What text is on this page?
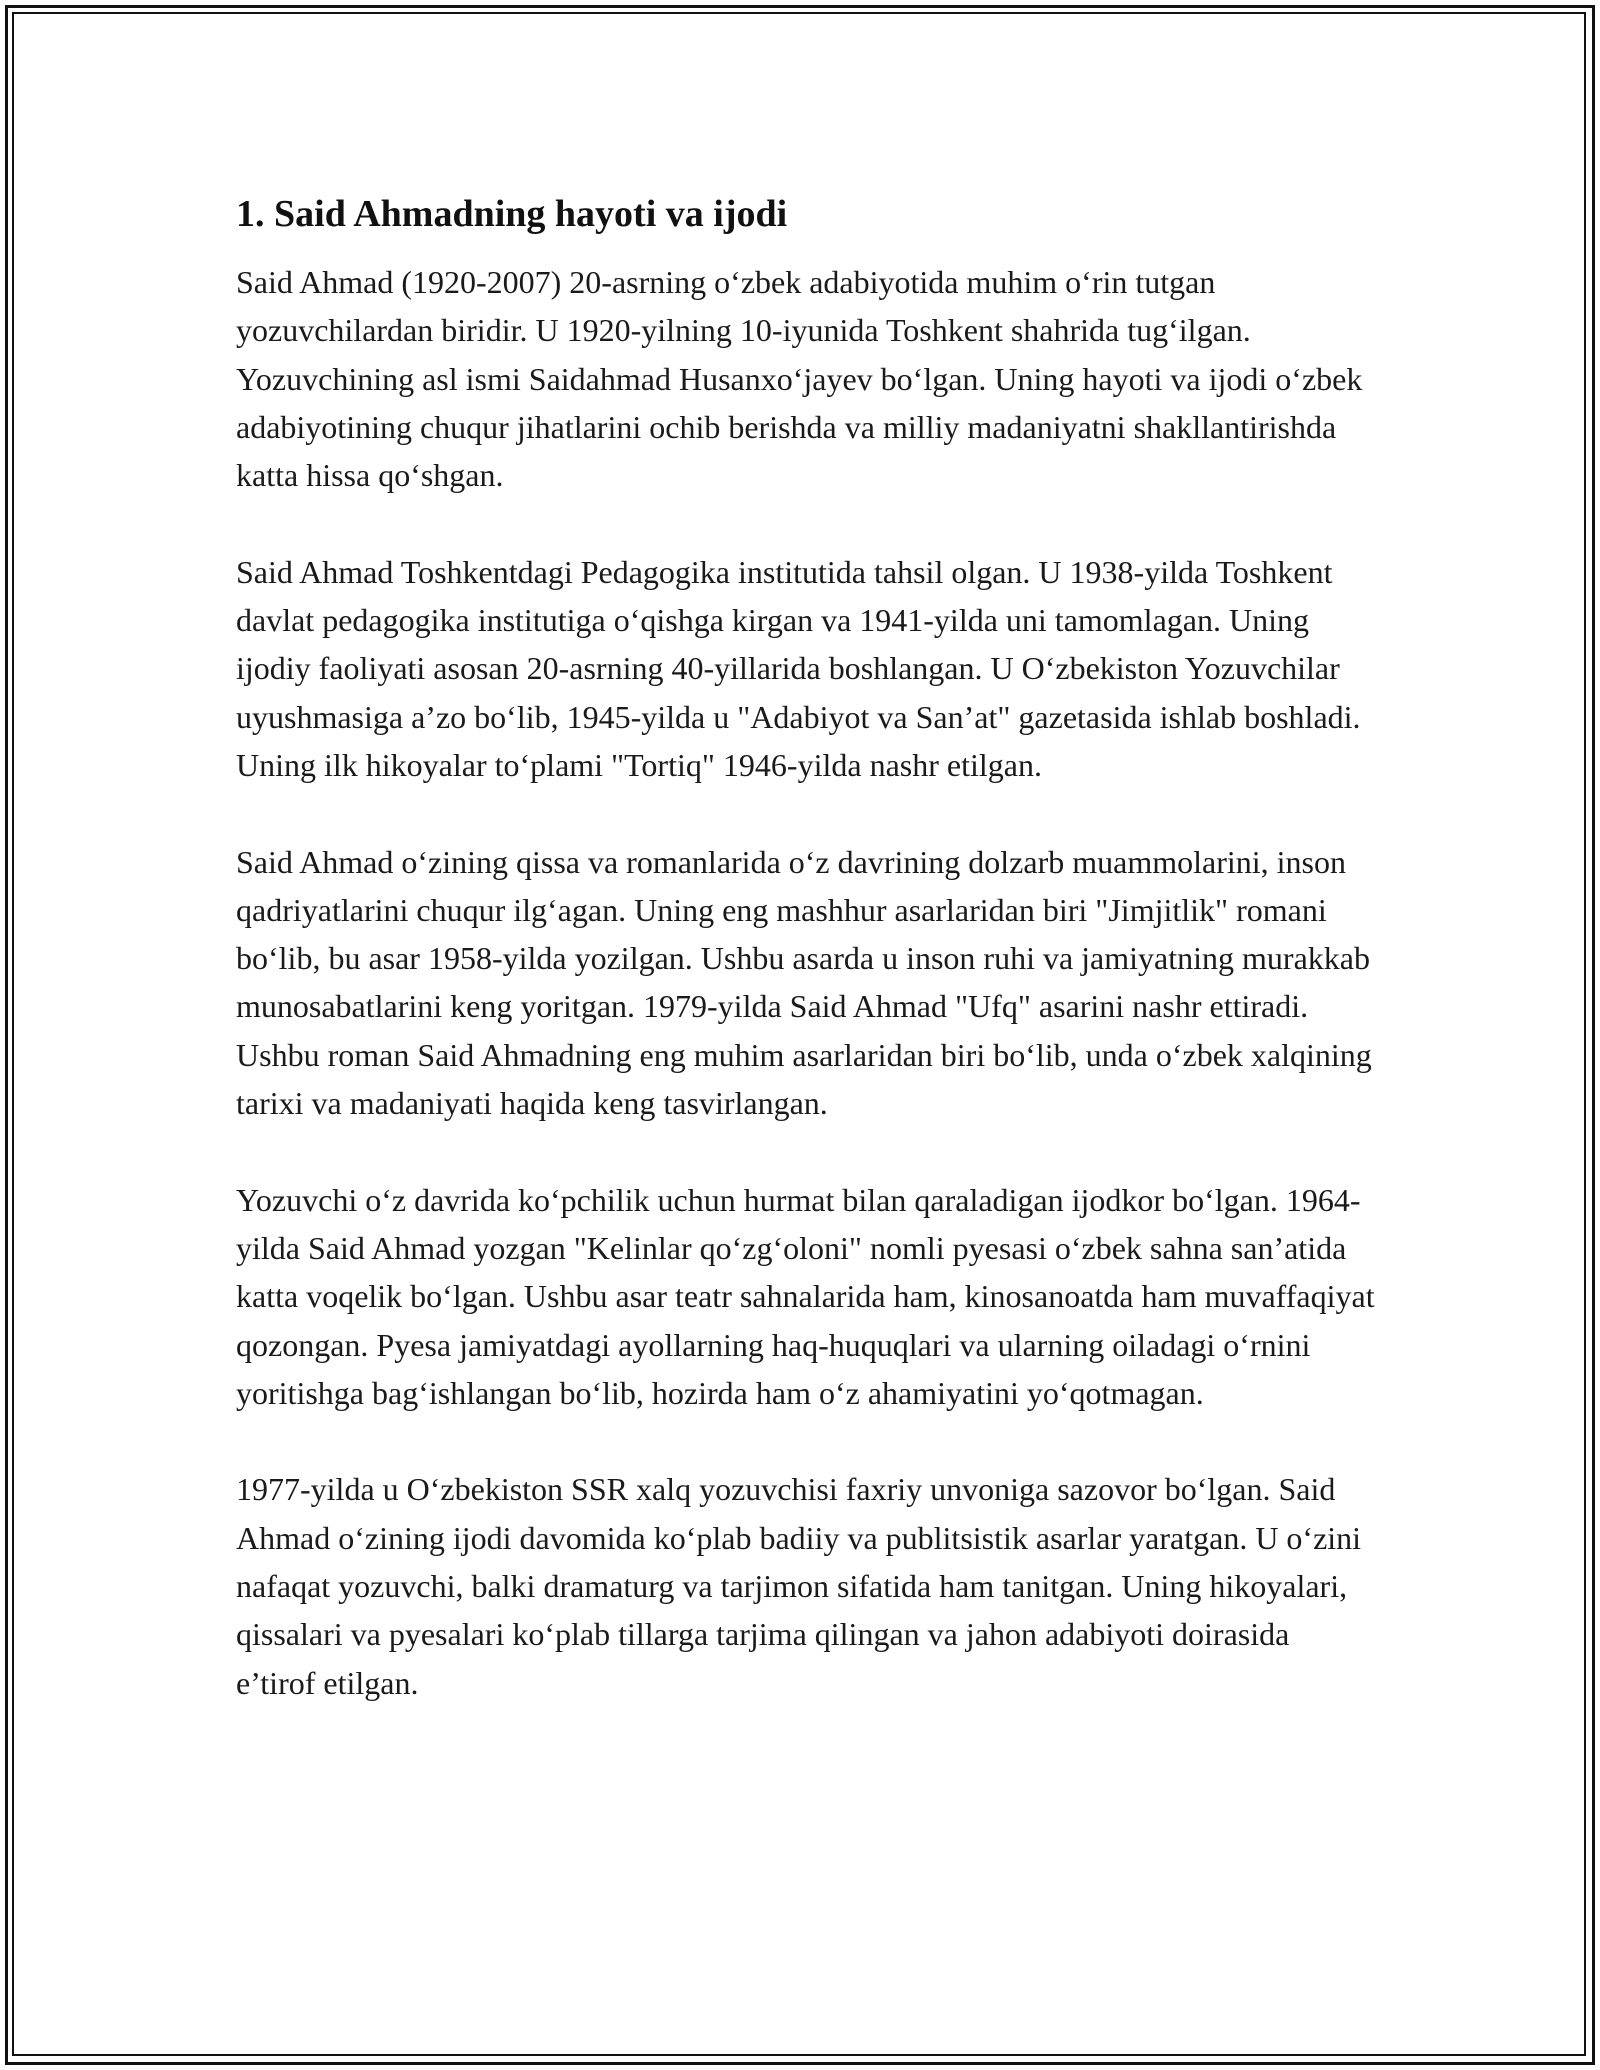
1. Said Ahmadning hayoti va ijodi

Said Ahmad (1920-2007) 20-asrning o‘zbek adabiyotida muhim o‘rin tutgan yozuvchilardan biridir. U 1920-yilning 10-iyunida Toshkent shahrida tug‘ilgan. Yozuvchining asl ismi Saidahmad Husanxo‘jayev bo‘lgan. Uning hayoti va ijodi o‘zbek adabiyotining chuqur jihatlarini ochib berishda va milliy madaniyatni shakllantirishda katta hissa qo‘shgan.

Said Ahmad Toshkentdagi Pedagogika institutida tahsil olgan. U 1938-yilda Toshkent davlat pedagogika institutiga o‘qishga kirgan va 1941-yilda uni tamomlagan. Uning ijodiy faoliyati asosan 20-asrning 40-yillarida boshlangan. U O‘zbekiston Yozuvchilar uyushmasiga a’zo bo‘lib, 1945-yilda u "Adabiyot va San’at" gazetasida ishlab boshladi. Uning ilk hikoyalar to‘plami "Tortiq" 1946-yilda nashr etilgan.

Said Ahmad o‘zining qissa va romanlarida o‘z davrining dolzarb muammolarini, inson qadriyatlarini chuqur ilg‘agan. Uning eng mashhur asarlaridan biri "Jimjitlik" romani bo‘lib, bu asar 1958-yilda yozilgan. Ushbu asarda u inson ruhi va jamiyatning murakkab munosabatlarini keng yoritgan. 1979-yilda Said Ahmad "Ufq" asarini nashr ettiradi. Ushbu roman Said Ahmadning eng muhim asarlaridan biri bo‘lib, unda o‘zbek xalqining tarixi va madaniyati haqida keng tasvirlangan.

Yozuvchi o‘z davrida ko‘pchilik uchun hurmat bilan qaraladigan ijodkor bo‘lgan. 1964-yilda Said Ahmad yozgan "Kelinlar qo‘zg‘oloni" nomli pyesasi o‘zbek sahna san’atida katta voqelik bo‘lgan. Ushbu asar teatr sahnalarida ham, kinosanoatda ham muvaffaqiyat qozongan. Pyesa jamiyatdagi ayollarning haq-huquqlari va ularning oiladagi o‘rnini yoritishga bag‘ishlangan bo‘lib, hozirda ham o‘z ahamiyatini yo‘qotmagan.

1977-yilda u O‘zbekiston SSR xalq yozuvchisi faxriy unvoniga sazovor bo‘lgan. Said Ahmad o‘zining ijodi davomida ko‘plab badiiy va publitsistik asarlar yaratgan. U o‘zini nafaqat yozuvchi, balki dramaturg va tarjimon sifatida ham tanitgan. Uning hikoyalari, qissalari va pyesalari ko‘plab tillarga tarjima qilingan va jahon adabiyoti doirasida e’tirof etilgan.
